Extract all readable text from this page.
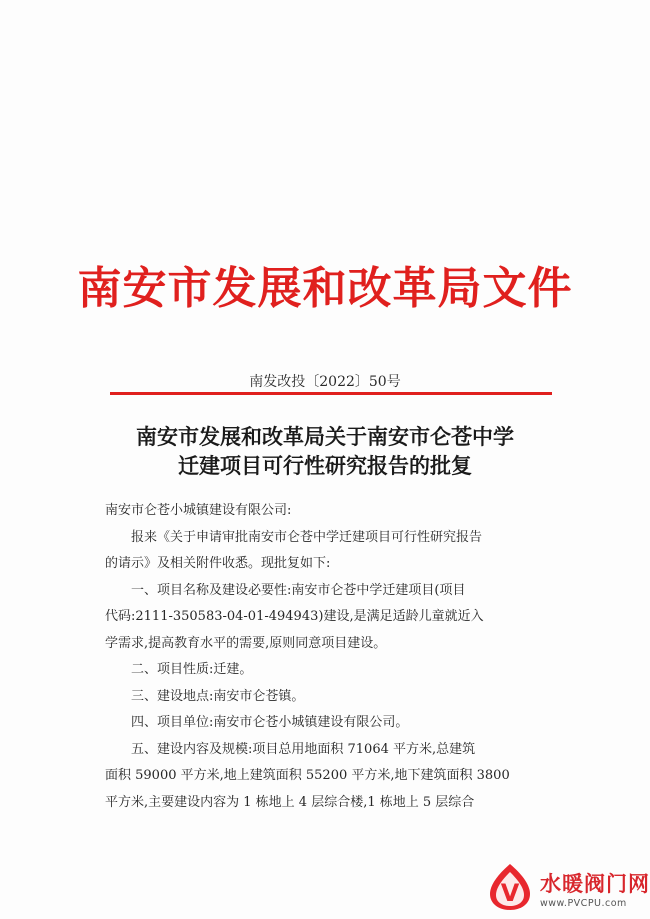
南安市发展和改革局文件
南发改投〔2022〕50号
南安市发展和改革局关于南安市仑苍中学
迁建项目可行性研究报告的批复
南安市仑苍小城镇建设有限公司:
报来《关于申请审批南安市仑苍中学迁建项目可行性研究报告
的请示》及相关附件收悉。现批复如下:
一、项目名称及建设必要性:南安市仑苍中学迁建项目(项目
代码:2111-350583-04-01-494943)建设,是满足适龄儿童就近入
学需求,提高教育水平的需要,原则同意项目建设。
二、项目性质:迁建。
三、建设地点:南安市仑苍镇。
四、项目单位:南安市仑苍小城镇建设有限公司。
五、建设内容及规模:项目总用地面积 71064 平方米,总建筑
面积 59000 平方米,地上建筑面积 55200 平方米,地下建筑面积 3800
平方米,主要建设内容为 1 栋地上 4 层综合楼,1 栋地上 5 层综合
V 水暖阀门网
www.PVCPU.com
